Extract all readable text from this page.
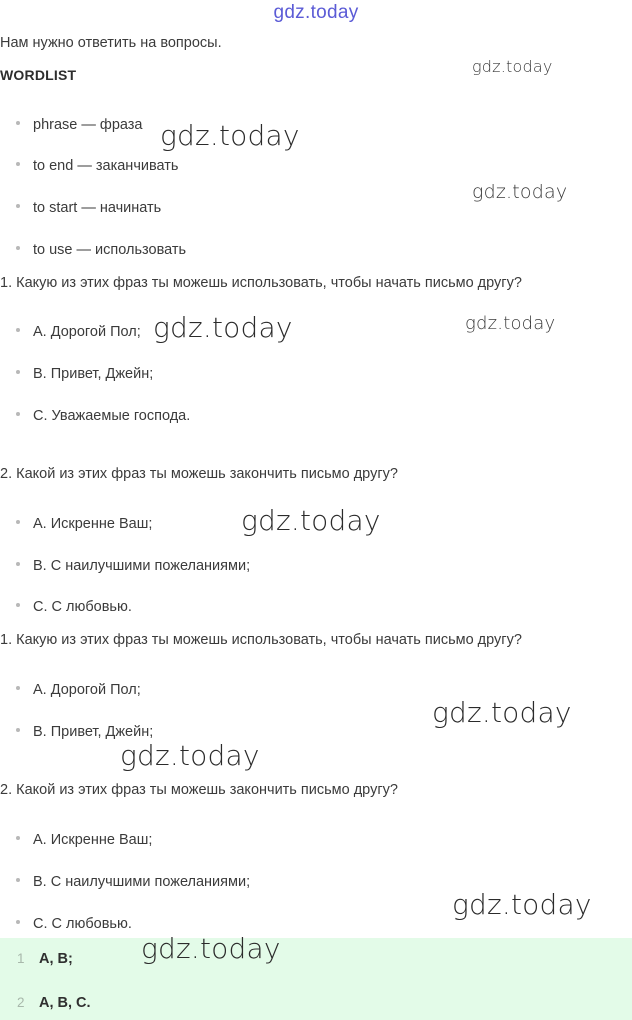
gdz.today
Нам нужно ответить на вопросы.
WORDLIST
phrase — фраза
to end — заканчивать
to start — начинать
to use — использовать
1. Какую из этих фраз ты можешь использовать, чтобы начать письмо другу?
A. Дорогой Пол;
B. Привет, Джейн;
C. Уважаемые господа.
2. Какой из этих фраз ты можешь закончить письмо другу?
A. Искренне Ваш;
B. С наилучшими пожеланиями;
C. С любовью.
1. Какую из этих фраз ты можешь использовать, чтобы начать письмо другу?
A. Дорогой Пол;
B. Привет, Джейн;
2. Какой из этих фраз ты можешь закончить письмо другу?
A. Искренне Ваш;
B. С наилучшими пожеланиями;
C. С любовью.
1 A, B;
2 A, B, C.
gdz.today
gdz.today
gdz.today
gdz.today	gdz.today
gdz.today
gdz.today
gdz.today
gdz.today
gdz.today
